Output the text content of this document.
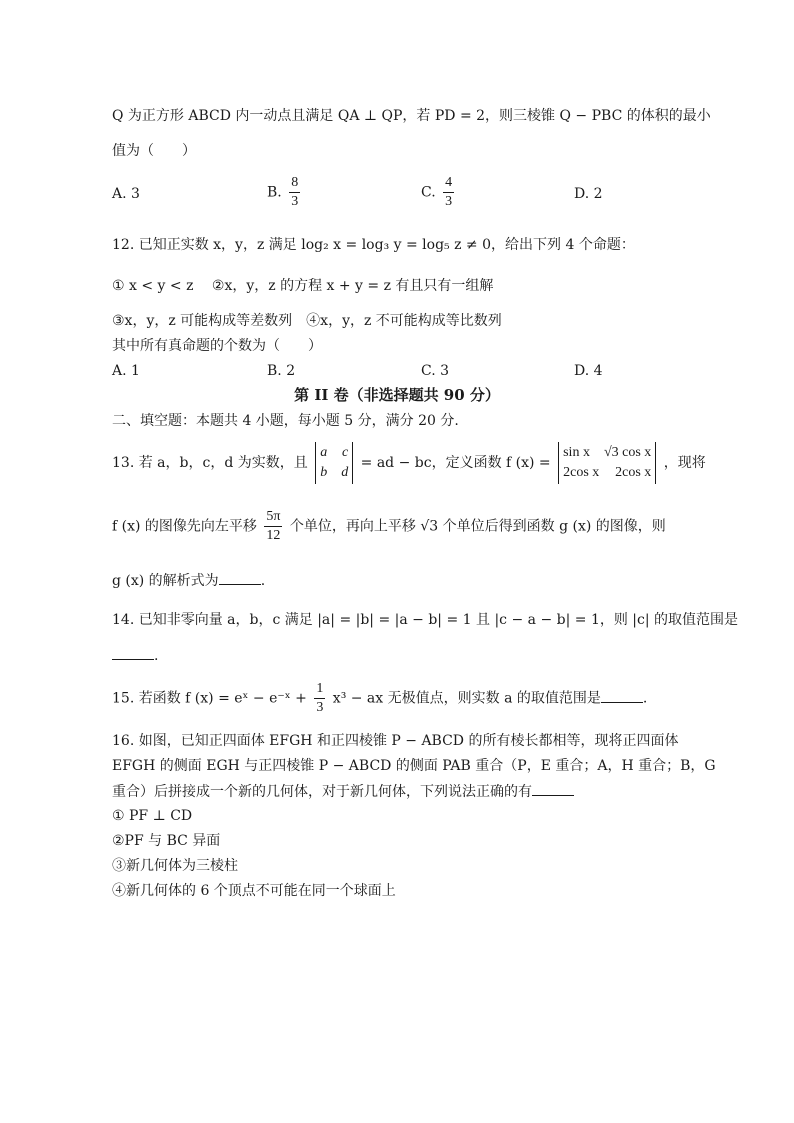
Q 为正方形 ABCD 内一动点且满足 QA ⊥ QP，若 PD = 2，则三棱锥 Q − PBC 的体积的最小
值为（　　）
A. 3	B. $\frac{8}{3}$	C. $\frac{4}{3}$	D. 2
12. 已知正实数 x，y，z 满足 log₂ x = log₃ y = log₅ z ≠ 0，给出下列 4 个命题：
① x < y < z　 ②x，y，z 的方程 x + y = z 有且只有一组解
③x，y，z 可能构成等差数列　④x，y，z 不可能构成等比数列
其中所有真命题的个数为（　　）
A. 1	B. 2	C. 3	D. 4
第 II 卷（非选择题共 90 分）
二、填空题：本题共 4 小题，每小题 5 分，满分 20 分.
13. 若 a，b，c，d 为实数，且
a c
b d
= ad − bc，定义函数 f (x) =
sin x √3 cos x
2cos x 2cos x
，现将
f (x) 的图像先向左平移 $\frac{5\pi}{12}$ 个单位，再向上平移 √3 个单位后得到函数 g (x) 的图像，则
g (x) 的解析式为	.
14. 已知非零向量 a，b，c 满足 |a| = |b| = |a − b| = 1 且 |c − a − b| = 1，则 |c| 的取值范围是
.
15. 若函数 f (x) = eˣ − e⁻ˣ + $\frac{1}{3} x^3$ − ax 无极值点，则实数 a 的取值范围是	.
16. 如图，已知正四面体 EFGH 和正四棱锥 P − ABCD 的所有棱长都相等，现将正四面体
EFGH 的侧面 EGH 与正四棱锥 P − ABCD 的侧面 PAB 重合（P，E 重合；A，H 重合；B，G
重合）后拼接成一个新的几何体，对于新几何体，下列说法正确的有
① PF ⊥ CD
②PF 与 BC 异面
③新几何体为三棱柱
④新几何体的 6 个顶点不可能在同一个球面上
